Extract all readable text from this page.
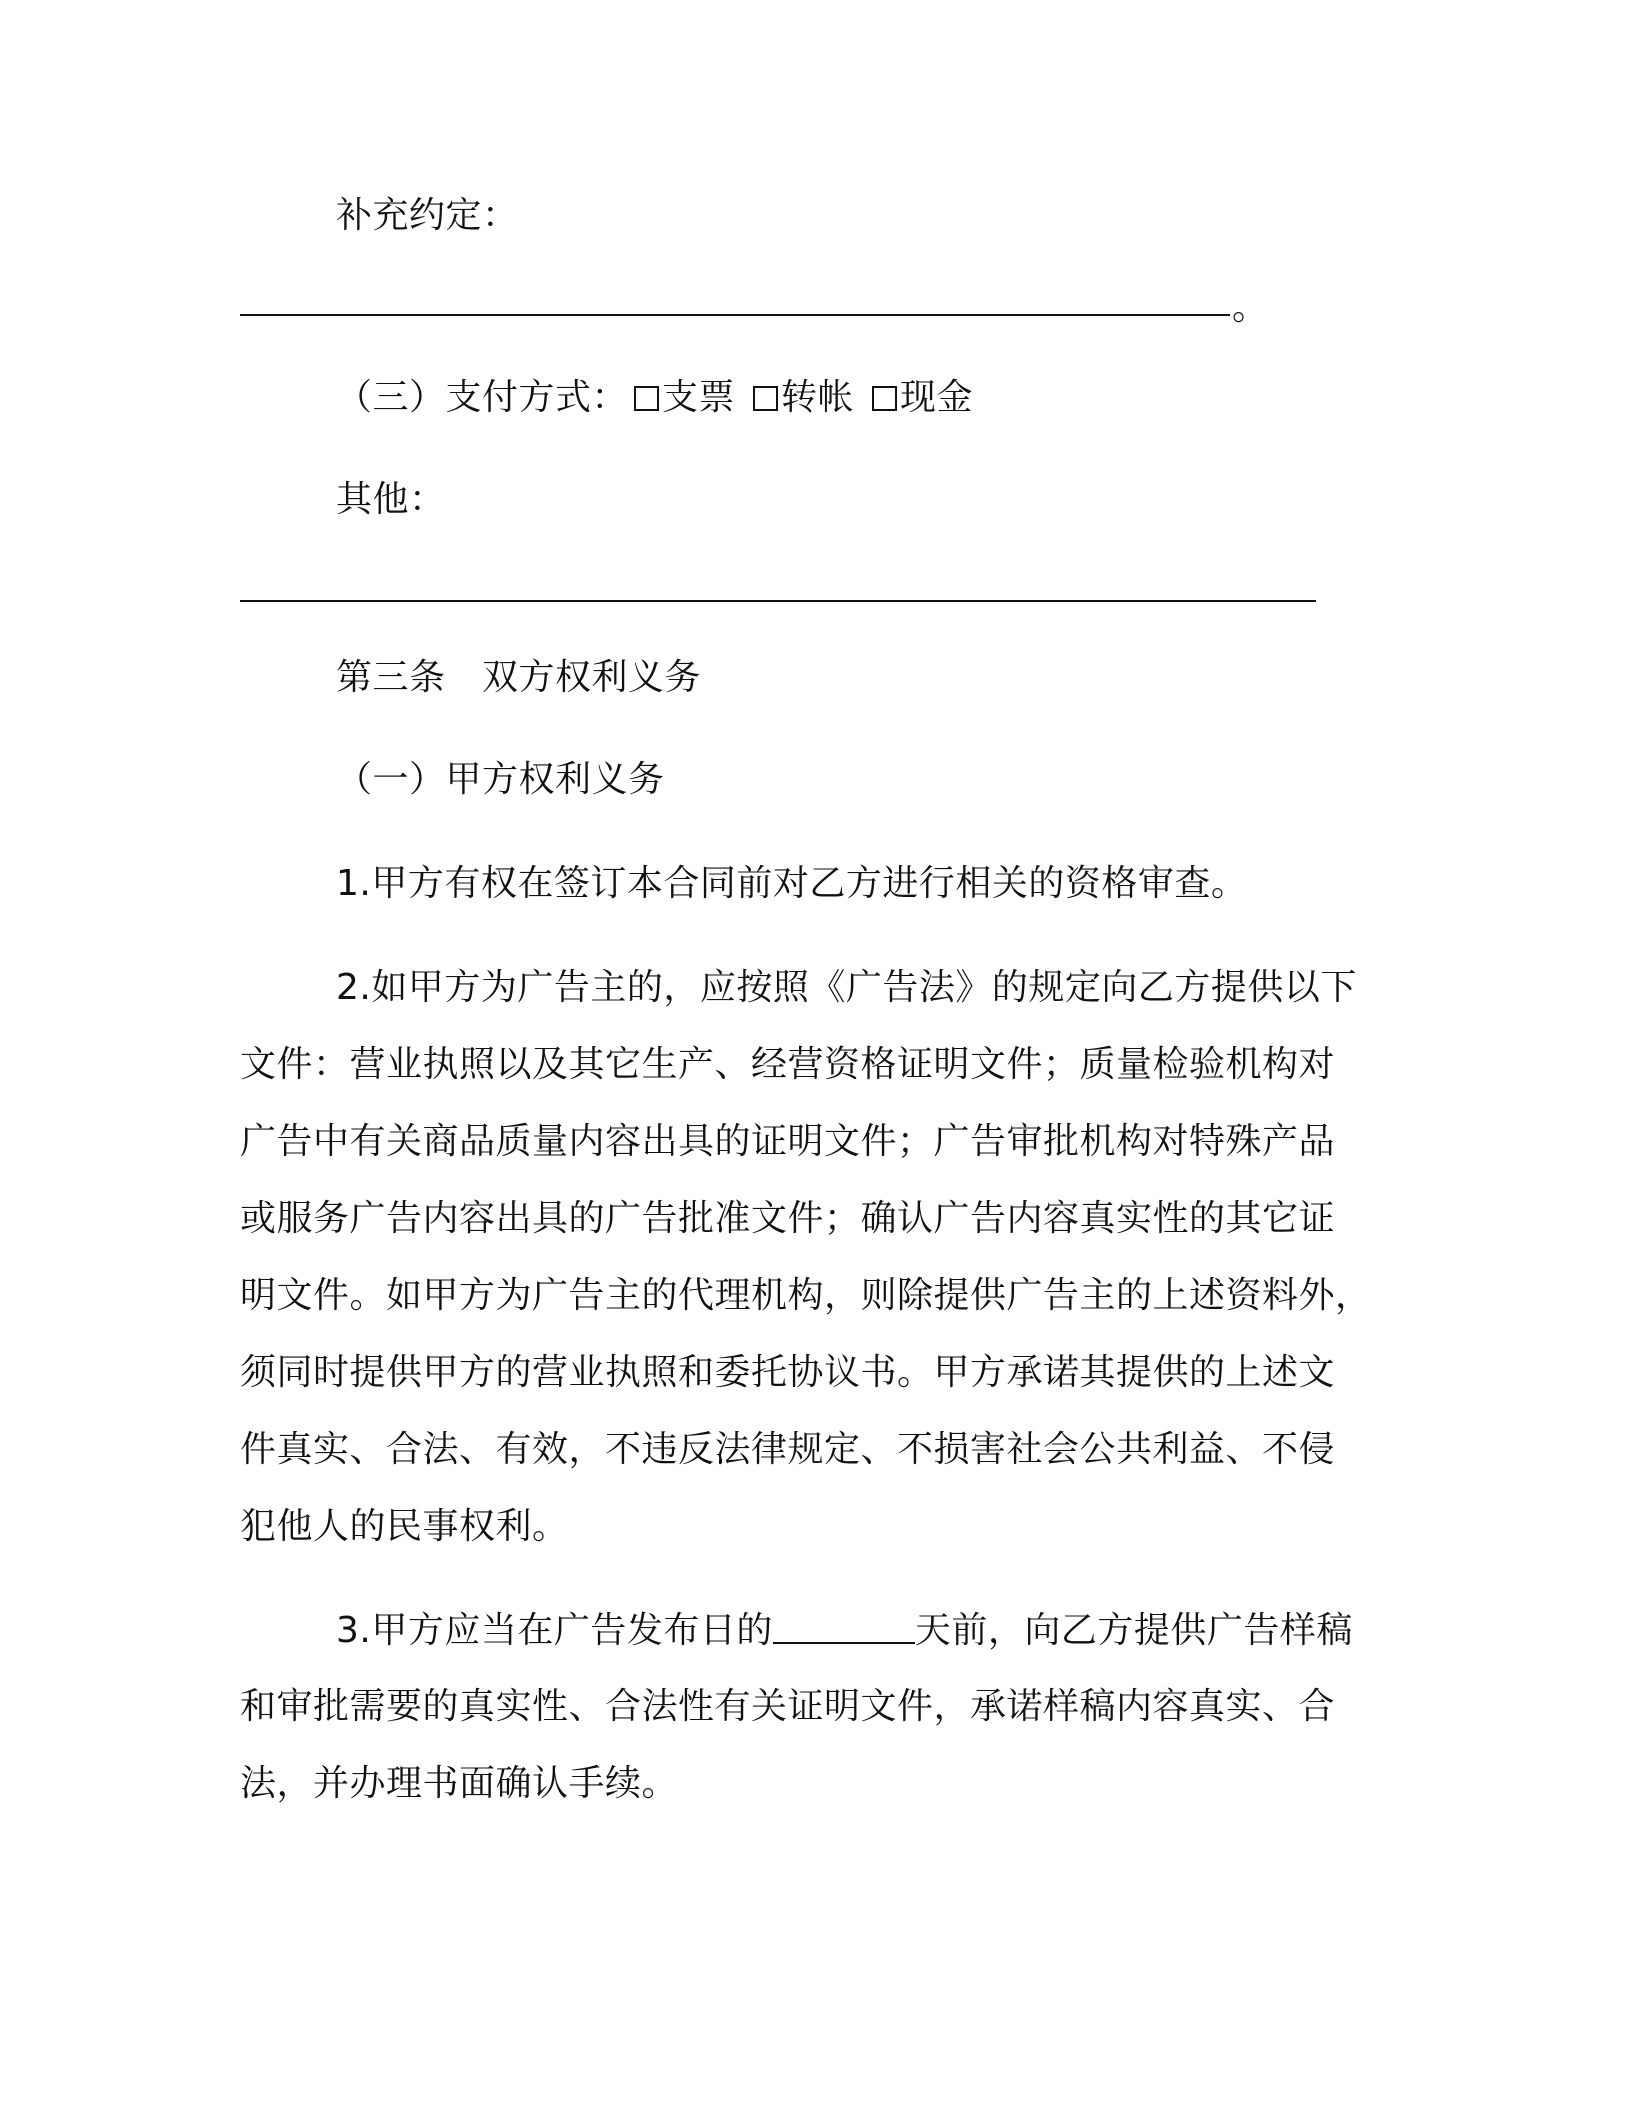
补充约定：
。
（三）支付方式： 支票 转帐 现金
其他：
第三条　双方权利义务
（一）甲方权利义务
1.甲方有权在签订本合同前对乙方进行相关的资格审查。
2.如甲方为广告主的，应按照《广告法》的规定向乙方提供以下
文件：营业执照以及其它生产、经营资格证明文件；质量检验机构对
广告中有关商品质量内容出具的证明文件；广告审批机构对特殊产品
或服务广告内容出具的广告批准文件；确认广告内容真实性的其它证
明文件。如甲方为广告主的代理机构，则除提供广告主的上述资料外，
须同时提供甲方的营业执照和委托协议书。甲方承诺其提供的上述文
件真实、合法、有效，不违反法律规定、不损害社会公共利益、不侵
犯他人的民事权利。
3.甲方应当在广告发布日的	天前，向乙方提供广告样稿
和审批需要的真实性、合法性有关证明文件，承诺样稿内容真实、合
法，并办理书面确认手续。
